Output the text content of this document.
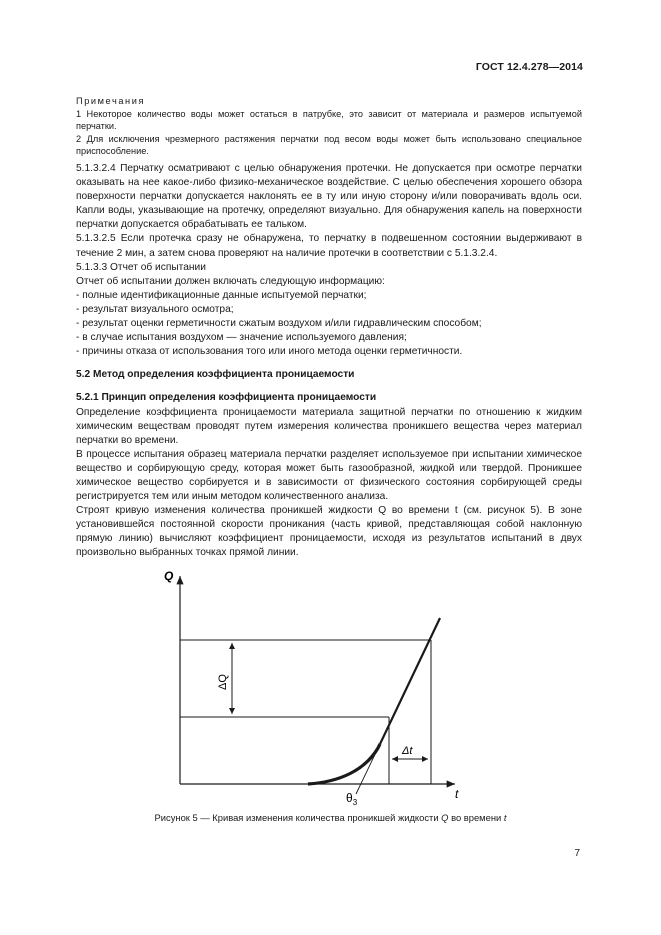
ГОСТ 12.4.278—2014

Примечания

1 Некоторое количество воды может остаться в патрубке, это зависит от материала и размеров испытуемой перчатки.

2 Для исключения чрезмерного растяжения перчатки под весом воды может быть использовано специальное приспособление.

5.1.3.2.4 Перчатку осматривают с целью обнаружения протечки. Не допускается при осмотре перчатки оказывать на нее какое-либо физико-механическое воздействие. С целью обеспечения хорошего обзора поверхности перчатки допускается наклонять ее в ту или иную сторону и/или поворачивать вдоль оси. Капли воды, указывающие на протечку, определяют визуально. Для обнаружения капель на поверхности перчатки допускается обрабатывать ее тальком.

5.1.3.2.5 Если протечка сразу не обнаружена, то перчатку в подвешенном состоянии выдерживают в течение 2 мин, а затем снова проверяют на наличие протечки в соответствии с 5.1.3.2.4.

5.1.3.3 Отчет об испытании

Отчет об испытании должен включать следующую информацию:

- полные идентификационные данные испытуемой перчатки;

- результат визуального осмотра;

- результат оценки герметичности сжатым воздухом и/или гидравлическим способом;

- в случае испытания воздухом — значение используемого давления;

- причины отказа от использования того или иного метода оценки герметичности.

5.2 Метод определения коэффициента проницаемости

5.2.1 Принцип определения коэффициента проницаемости

Определение коэффициента проницаемости материала защитной перчатки по отношению к жидким химическим веществам проводят путем измерения количества проникшего вещества через материал перчатки во времени.

В процессе испытания образец материала перчатки разделяет используемое при испытании химическое вещество и сорбирующую среду, которая может быть газообразной, жидкой или твердой. Проникшее химическое вещество сорбируется и в зависимости от физического состояния сорбирующей среды регистрируется тем или иным методом количественного анализа.

Строят кривую изменения количества проникшей жидкости Q во времени t (см. рисунок 5). В зоне установившейся постоянной скорости проникания (часть кривой, представляющая собой наклонную прямую линию) вычисляют коэффициент проницаемости, исходя из результатов испытаний в двух произвольно выбранных точках прямой линии.

Q
t
ΔQ
Δt
$\theta_3$
Рисунок 5 — Кривая изменения количества проникшей жидкости Q во времени t
7
